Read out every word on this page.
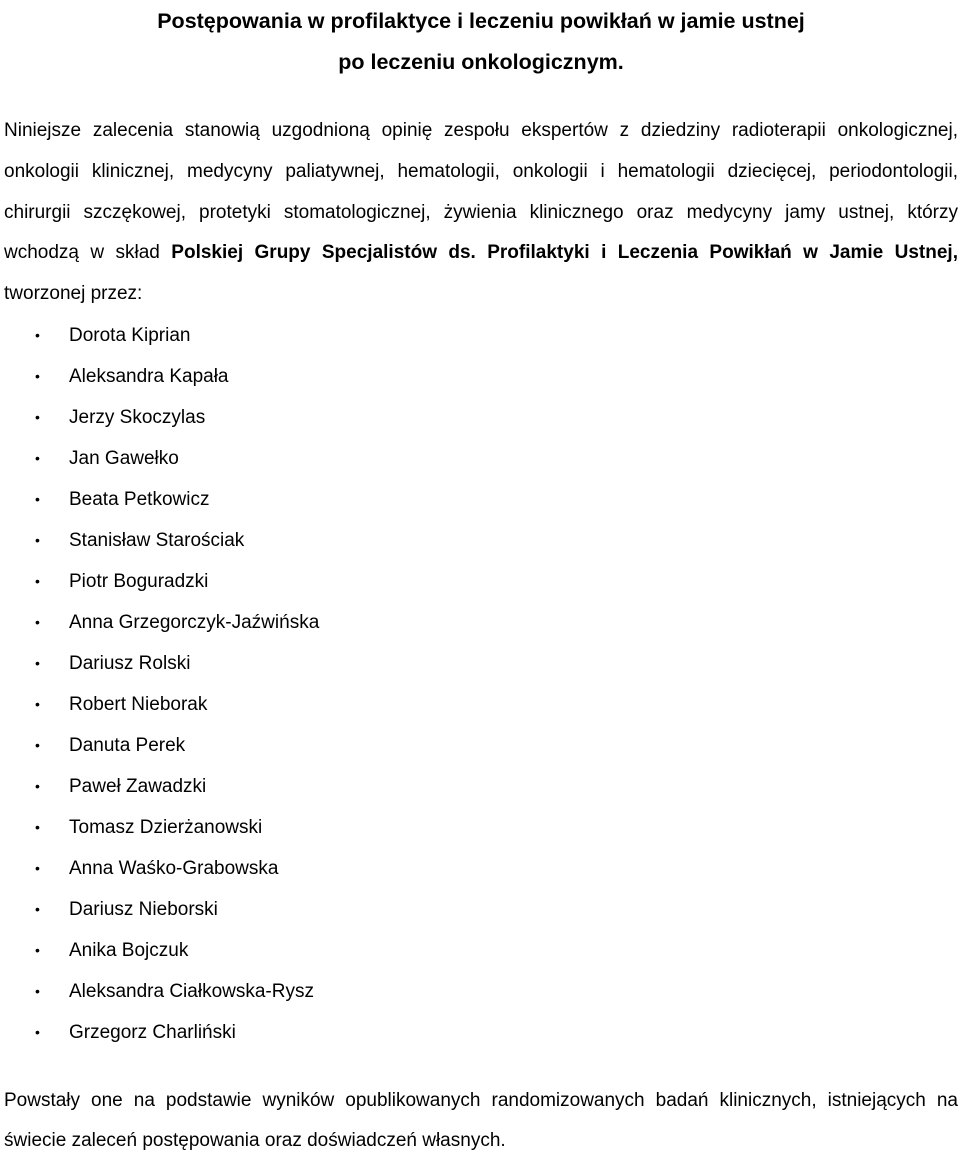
Postępowania w profilaktyce i leczeniu powikłań w jamie ustnej
po leczeniu onkologicznym.

Niniejsze zalecenia stanowią uzgodnioną opinię zespołu ekspertów z dziedziny radioterapii onkologicznej, onkologii klinicznej, medycyny paliatywnej, hematologii, onkologii i hematologii dziecięcej, periodontologii, chirurgii szczękowej, protetyki stomatologicznej, żywienia klinicznego oraz medycyny jamy ustnej, którzy wchodzą w skład Polskiej Grupy Specjalistów ds. Profilaktyki i Leczenia Powikłań w Jamie Ustnej, tworzonej przez:

• Dorota Kiprian
• Aleksandra Kapała
• Jerzy Skoczylas
• Jan Gawełko
• Beata Petkowicz
• Stanisław Starościak
• Piotr Boguradzki
• Anna Grzegorczyk-Jaźwińska
• Dariusz Rolski
• Robert Nieborak
• Danuta Perek
• Paweł Zawadzki
• Tomasz Dzierżanowski
• Anna Waśko-Grabowska
• Dariusz Nieborski
• Anika Bojczuk
• Aleksandra Ciałkowska-Rysz
• Grzegorz Charliński

Powstały one na podstawie wyników opublikowanych randomizowanych badań klinicznych, istniejących na świecie zaleceń postępowania oraz doświadczeń własnych.
